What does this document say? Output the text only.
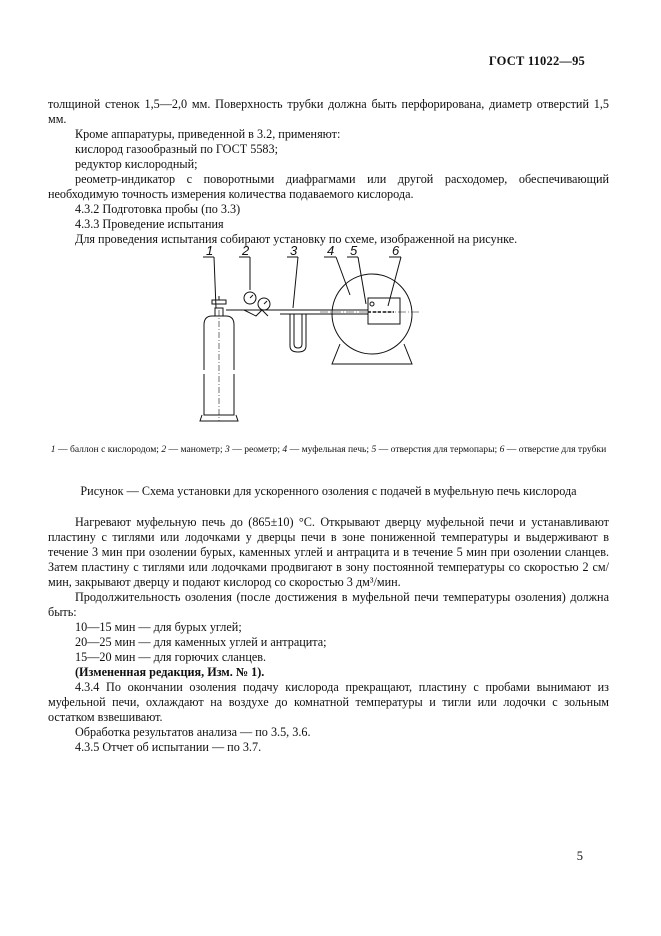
ГОСТ 11022—95

толщиной стенок 1,5—2,0 мм. Поверхность трубки должна быть перфорирована, диаметр отверстий 1,5 мм.

Кроме аппаратуры, приведенной в 3.2, применяют:

кислород газообразный по ГОСТ 5583;

редуктор кислородный;

реометр-индикатор с поворотными диафрагмами или другой расходомер, обеспечивающий необходимую точность измерения количества подаваемого кислорода.

4.3.2 Подготовка пробы (по 3.3)

4.3.3 Проведение испытания

Для проведения испытания собирают установку по схеме, изображенной на рисунке.

1 2	3 4 5	6
1 — баллон с кислородом; 2 — манометр; 3 — реометр; 4 — муфельная печь; 5 — отверстия для термопары; 6 — отверстие для трубки
Рисунок — Схема установки для ускоренного озоления с подачей в муфельную печь кислорода

Нагревают муфельную печь до (865±10) °С. Открывают дверцу муфельной печи и устанавливают пластину с тиглями или лодочками у дверцы печи в зоне пониженной температуры и выдерживают в течение 3 мин при озолении бурых, каменных углей и антрацита и в течение 5 мин при озолении сланцев. Затем пластину с тиглями или лодочками продвигают в зону постоянной температуры со скоростью 2 см/мин, закрывают дверцу и подают кислород со скоростью 3 дм³/мин.

Продолжительность озоления (после достижения в муфельной печи температуры озоления) должна быть:

10—15 мин — для бурых углей;

20—25 мин — для каменных углей и антрацита;

15—20 мин — для горючих сланцев.

(Измененная редакция, Изм. № 1).

4.3.4 По окончании озоления подачу кислорода прекращают, пластину с пробами вынимают из муфельной печи, охлаждают на воздухе до комнатной температуры и тигли или лодочки с зольным остатком взвешивают.

Обработка результатов анализа — по 3.5, 3.6.

4.3.5 Отчет об испытании — по 3.7.

5
